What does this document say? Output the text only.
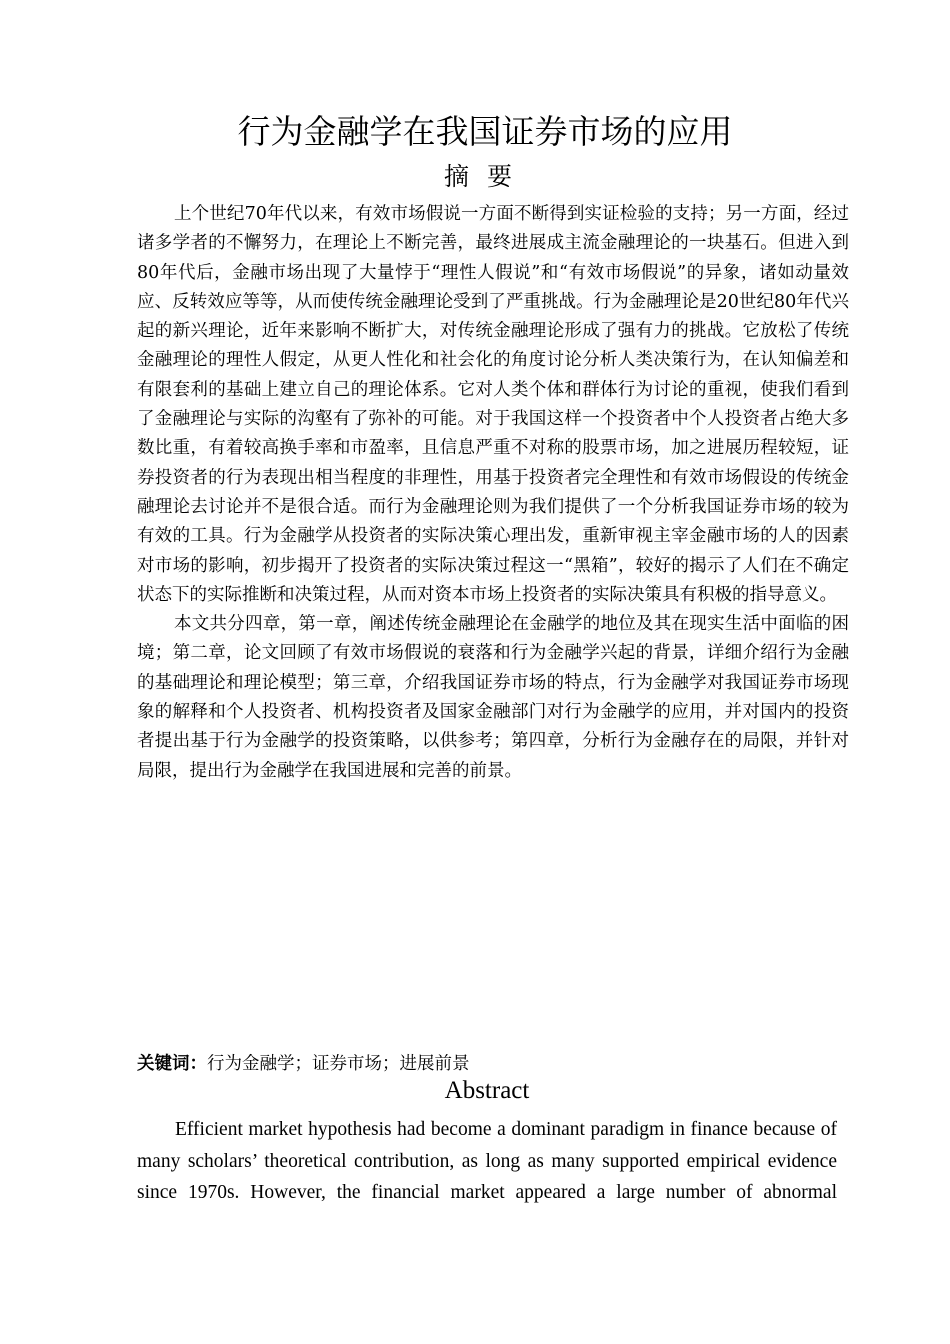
行为金融学在我国证券市场的应用
摘要

上个世纪70年代以来，有效市场假说一方面不断得到实证检验的支持；另一方面，经过诸多学者的不懈努力，在理论上不断完善，最终进展成主流金融理论的一块基石。但进入到80年代后，金融市场出现了大量悖于“理性人假说”和“有效市场假说”的异象，诸如动量效应、反转效应等等，从而使传统金融理论受到了严重挑战。行为金融理论是20世纪80年代兴起的新兴理论，近年来影响不断扩大，对传统金融理论形成了强有力的挑战。它放松了传统金融理论的理性人假定，从更人性化和社会化的角度讨论分析人类决策行为，在认知偏差和有限套利的基础上建立自己的理论体系。它对人类个体和群体行为讨论的重视，使我们看到了金融理论与实际的沟壑有了弥补的可能。对于我国这样一个投资者中个人投资者占绝大多数比重，有着较高换手率和市盈率，且信息严重不对称的股票市场，加之进展历程较短，证券投资者的行为表现出相当程度的非理性，用基于投资者完全理性和有效市场假设的传统金融理论去讨论并不是很合适。而行为金融理论则为我们提供了一个分析我国证券市场的较为有效的工具。行为金融学从投资者的实际决策心理出发，重新审视主宰金融市场的人的因素对市场的影响，初步揭开了投资者的实际决策过程这一“黑箱”，较好的揭示了人们在不确定状态下的实际推断和决策过程，从而对资本市场上投资者的实际决策具有积极的指导意义。

本文共分四章，第一章，阐述传统金融理论在金融学的地位及其在现实生活中面临的困境；第二章，论文回顾了有效市场假说的衰落和行为金融学兴起的背景，详细介绍行为金融的基础理论和理论模型；第三章，介绍我国证券市场的特点，行为金融学对我国证券市场现象的解释和个人投资者、机构投资者及国家金融部门对行为金融学的应用，并对国内的投资者提出基于行为金融学的投资策略，以供参考；第四章，分析行为金融存在的局限，并针对局限，提出行为金融学在我国进展和完善的前景。

关键词：行为金融学；证券市场；进展前景
Abstract

Efficient market hypothesis had become a dominant paradigm in finance because of many scholars’ theoretical contribution, as long as many supported empirical evidence since 1970s. However, the financial market appeared a large number of abnormal
